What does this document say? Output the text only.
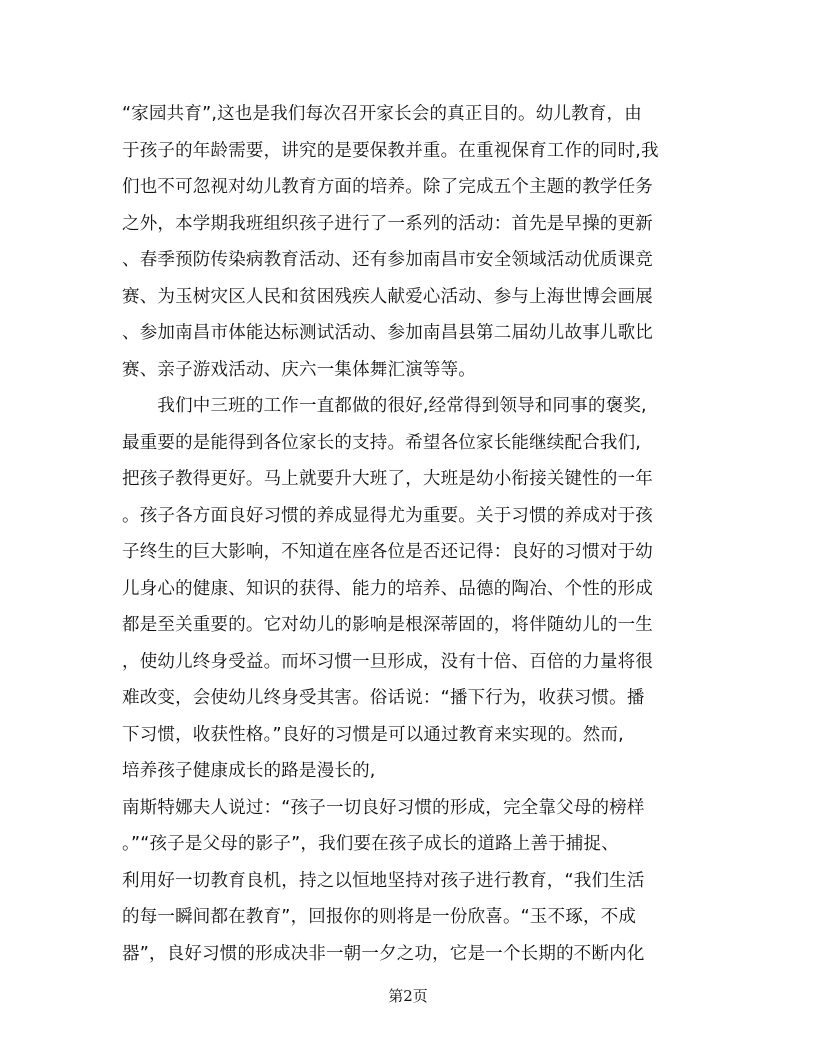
“家园共育”,这也是我们每次召开家长会的真正目的。幼儿教育，由
于孩子的年龄需要，讲究的是要保教并重。在重视保育工作的同时,我
们也不可忽视对幼儿教育方面的培养。除了完成五个主题的教学任务
之外，本学期我班组织孩子进行了一系列的活动：首先是早操的更新
、春季预防传染病教育活动、还有参加南昌市安全领域活动优质课竞
赛、为玉树灾区人民和贫困残疾人献爱心活动、参与上海世博会画展
、参加南昌市体能达标测试活动、参加南昌县第二届幼儿故事儿歌比
赛、亲子游戏活动、庆六一集体舞汇演等等。
　　我们中三班的工作一直都做的很好,经常得到领导和同事的褒奖,
最重要的是能得到各位家长的支持。希望各位家长能继续配合我们,
把孩子教得更好。马上就要升大班了，大班是幼小衔接关键性的一年
。孩子各方面良好习惯的养成显得尤为重要。关于习惯的养成对于孩
子终生的巨大影响，不知道在座各位是否还记得：良好的习惯对于幼
儿身心的健康、知识的获得、能力的培养、品德的陶冶、个性的形成
都是至关重要的。它对幼儿的影响是根深蒂固的，将伴随幼儿的一生
，使幼儿终身受益。而坏习惯一旦形成，没有十倍、百倍的力量将很
难改变，会使幼儿终身受其害。俗话说：“播下行为，收获习惯。播
下习惯，收获性格。”良好的习惯是可以通过教育来实现的。然而,
培养孩子健康成长的路是漫长的,
南斯特娜夫人说过：“孩子一切良好习惯的形成，完全靠父母的榜样
。”“孩子是父母的影子”，我们要在孩子成长的道路上善于捕捉、
利用好一切教育良机，持之以恒地坚持对孩子进行教育，“我们生活
的每一瞬间都在教育”，回报你的则将是一份欣喜。“玉不琢，不成
器”，良好习惯的形成决非一朝一夕之功，它是一个长期的不断内化
第2页
